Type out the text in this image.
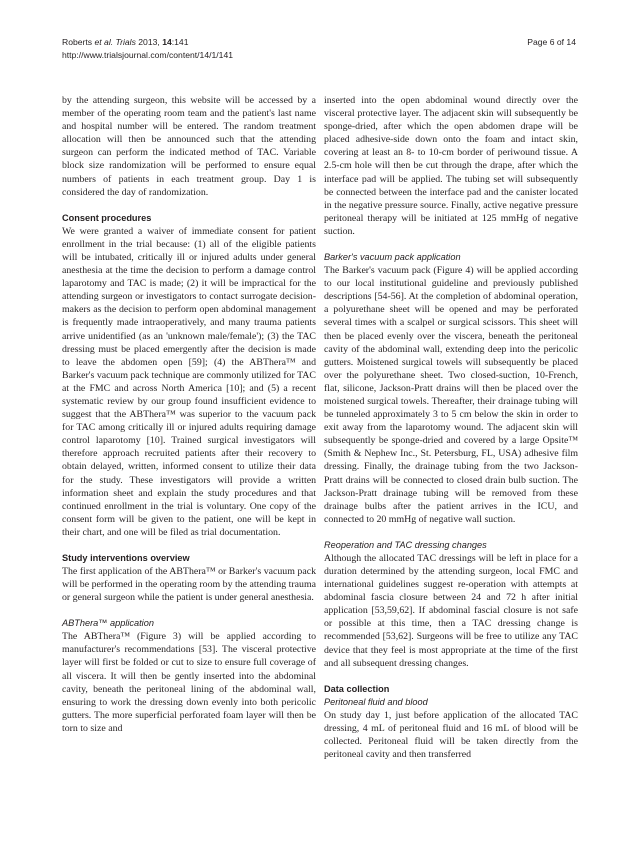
Roberts et al. Trials 2013, 14:141
http://www.trialsjournal.com/content/14/1/141
Page 6 of 14

by the attending surgeon, this website will be accessed by a member of the operating room team and the patient's last name and hospital number will be entered. The random treatment allocation will then be announced such that the attending surgeon can perform the indicated method of TAC. Variable block size randomization will be performed to ensure equal numbers of patients in each treatment group. Day 1 is considered the day of randomization.

Consent procedures

We were granted a waiver of immediate consent for patient enrollment in the trial because: (1) all of the eligible patients will be intubated, critically ill or injured adults under general anesthesia at the time the decision to perform a damage control laparotomy and TAC is made; (2) it will be impractical for the attending surgeon or investigators to contact surrogate decision-makers as the decision to perform open abdominal management is frequently made intraoperatively, and many trauma patients arrive unidentified (as an 'unknown male/female'); (3) the TAC dressing must be placed emergently after the decision is made to leave the abdomen open [59]; (4) the ABThera™ and Barker's vacuum pack technique are commonly utilized for TAC at the FMC and across North America [10]; and (5) a recent systematic review by our group found insufficient evidence to suggest that the ABThera™ was superior to the vacuum pack for TAC among critically ill or injured adults requiring damage control laparotomy [10]. Trained surgical investigators will therefore approach recruited patients after their recovery to obtain delayed, written, informed consent to utilize their data for the study. These investigators will provide a written information sheet and explain the study procedures and that continued enrollment in the trial is voluntary. One copy of the consent form will be given to the patient, one will be kept in their chart, and one will be filed as trial documentation.

Study interventions overview

The first application of the ABThera™ or Barker's vacuum pack will be performed in the operating room by the attending trauma or general surgeon while the patient is under general anesthesia.

ABThera™ application

The ABThera™ (Figure 3) will be applied according to manufacturer's recommendations [53]. The visceral protective layer will first be folded or cut to size to ensure full coverage of all viscera. It will then be gently inserted into the abdominal cavity, beneath the peritoneal lining of the abdominal wall, ensuring to work the dressing down evenly into both pericolic gutters. The more superficial perforated foam layer will then be torn to size and

inserted into the open abdominal wound directly over the visceral protective layer. The adjacent skin will subsequently be sponge-dried, after which the open abdomen drape will be placed adhesive-side down onto the foam and intact skin, covering at least an 8- to 10-cm border of periwound tissue. A 2.5-cm hole will then be cut through the drape, after which the interface pad will be applied. The tubing set will subsequently be connected between the interface pad and the canister located in the negative pressure source. Finally, active negative pressure peritoneal therapy will be initiated at 125 mmHg of negative suction.

Barker's vacuum pack application

The Barker's vacuum pack (Figure 4) will be applied according to our local institutional guideline and previously published descriptions [54-56]. At the completion of abdominal operation, a polyurethane sheet will be opened and may be perforated several times with a scalpel or surgical scissors. This sheet will then be placed evenly over the viscera, beneath the peritoneal cavity of the abdominal wall, extending deep into the pericolic gutters. Moistened surgical towels will subsequently be placed over the polyurethane sheet. Two closed-suction, 10-French, flat, silicone, Jackson-Pratt drains will then be placed over the moistened surgical towels. Thereafter, their drainage tubing will be tunneled approximately 3 to 5 cm below the skin in order to exit away from the laparotomy wound. The adjacent skin will subsequently be sponge-dried and covered by a large Opsite™ (Smith & Nephew Inc., St. Petersburg, FL, USA) adhesive film dressing. Finally, the drainage tubing from the two Jackson-Pratt drains will be connected to closed drain bulb suction. The Jackson-Pratt drainage tubing will be removed from these drainage bulbs after the patient arrives in the ICU, and connected to 20 mmHg of negative wall suction.

Reoperation and TAC dressing changes

Although the allocated TAC dressings will be left in place for a duration determined by the attending surgeon, local FMC and international guidelines suggest re-operation with attempts at abdominal fascia closure between 24 and 72 h after initial application [53,59,62]. If abdominal fascial closure is not safe or possible at this time, then a TAC dressing change is recommended [53,62]. Surgeons will be free to utilize any TAC device that they feel is most appropriate at the time of the first and all subsequent dressing changes.

Data collection
Peritoneal fluid and blood

On study day 1, just before application of the allocated TAC dressing, 4 mL of peritoneal fluid and 16 mL of blood will be collected. Peritoneal fluid will be taken directly from the peritoneal cavity and then transferred
